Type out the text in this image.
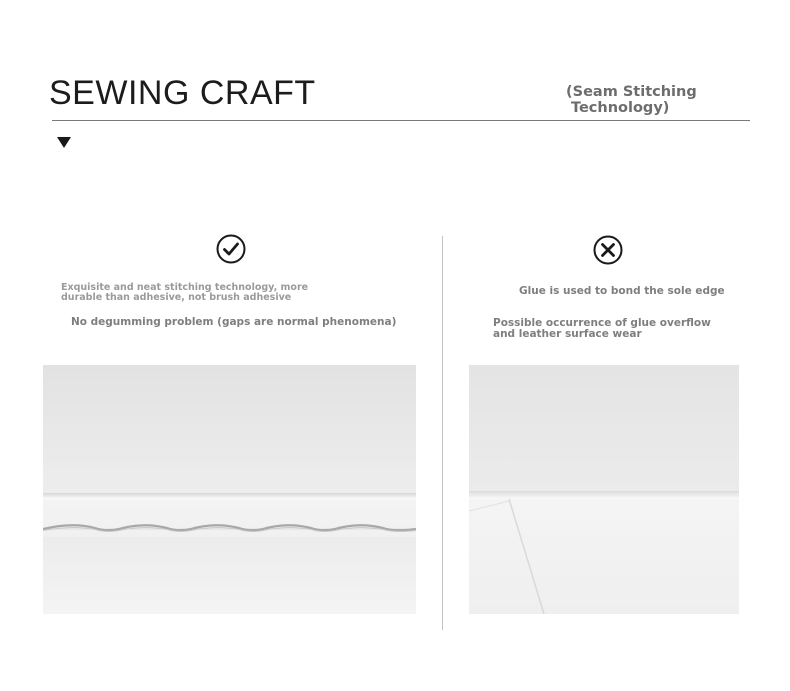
SEWING CRAFT	(Seam Stitching
Technology)

Exquisite and neat stitching technology, more
durable than adhesive, not brush adhesive

No degumming problem (gaps are normal phenomena)

Glue is used to bond the sole edge

Possible occurrence of glue overflow
and leather surface wear
